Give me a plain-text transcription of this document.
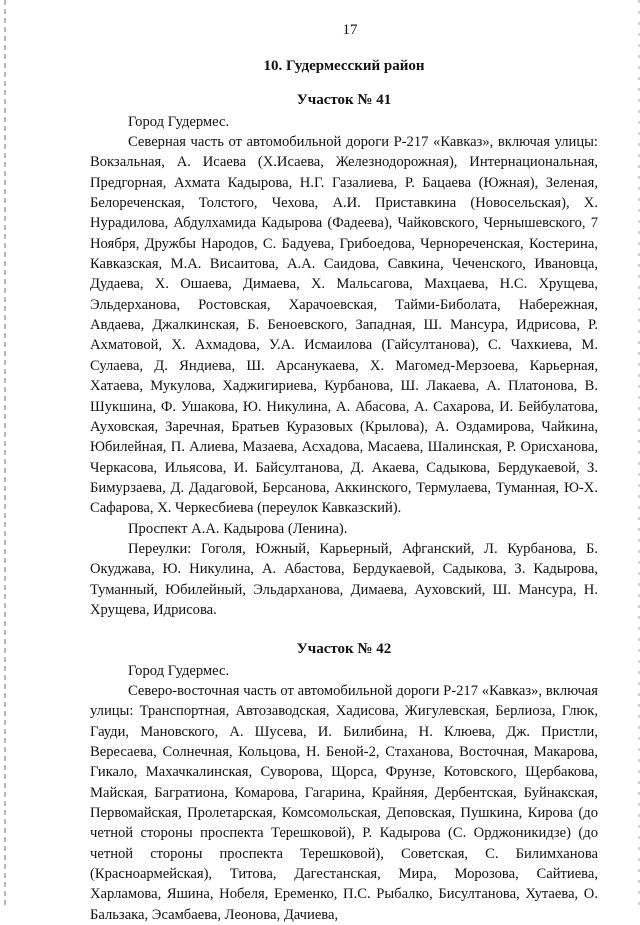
17
10. Гудермесский район
Участок № 41

Город Гудермес.

Северная часть от автомобильной дороги Р-217 «Кавказ», включая улицы: Вокзальная, А. Исаева (Х.Исаева, Железнодорожная), Интернациональная, Предгорная, Ахмата Кадырова, Н.Г. Газалиева, Р. Бацаева (Южная), Зеленая, Белореченская, Толстого, Чехова, А.И. Приставкина (Новосельская), Х. Нурадилова, Абдулхамида Кадырова (Фадеева), Чайковского, Чернышевского, 7 Ноября, Дружбы Народов, С. Бадуева, Грибоедова, Чернореченская, Костерина, Кавказская, М.А. Висаитова, А.А. Саидова, Савкина, Чеченского, Ивановца, Дудаева, Х. Ошаева, Димаева, Х. Мальсагова, Махцаева, Н.С. Хрущева, Эльдерханова, Ростовская, Харачоевская, Тайми-Биболата, Набережная, Авдаева, Джалкинская, Б. Беноевского, Западная, Ш. Мансура, Идрисова, Р. Ахматовой, Х. Ахмадова, У.А. Исмаилова (Гайсултанова), С. Чахкиева, М. Сулаева, Д. Яндиева, Ш. Арсанукаева, Х. Магомед-Мерзоева, Карьерная, Хатаева, Мукулова, Хаджигириева, Курбанова, Ш. Лакаева, А. Платонова, В. Шукшина, Ф. Ушакова, Ю. Никулина, А. Абасова, А. Сахарова, И. Бейбулатова, Ауховская, Заречная, Братьев Куразовых (Крылова), А. Оздамирова, Чайкина, Юбилейная, П. Алиева, Мазаева, Асхадова, Масаева, Шалинская, Р. Орисханова, Черкасова, Ильясова, И. Байсултанова, Д. Акаева, Садыкова, Бердукаевой, З. Бимурзаева, Д. Дадаговой, Берсанова, Аккинского, Термулаева, Туманная, Ю-Х. Сафарова, Х. Черкесбиева (переулок Кавказский).

Проспект А.А. Кадырова (Ленина).

Переулки: Гоголя, Южный, Карьерный, Афганский, Л. Курбанова, Б. Окуджава, Ю. Никулина, А. Абастова, Бердукаевой, Садыкова, З. Кадырова, Туманный, Юбилейный, Эльдарханова, Димаева, Ауховский, Ш. Мансура, Н. Хрущева, Идрисова.

Участок № 42

Город Гудермес.

Северо-восточная часть от автомобильной дороги Р-217 «Кавказ», включая улицы: Транспортная, Автозаводская, Хадисова, Жигулевская, Берлиоза, Глюк, Гауди, Мановского, А. Шусева, И. Билибина, Н. Клюева, Дж. Пристли, Вересаева, Солнечная, Кольцова, Н. Беной-2, Стаханова, Восточная, Макарова, Гикало, Махачкалинская, Суворова, Щорса, Фрунзе, Котовского, Щербакова, Майская, Багратиона, Комарова, Гагарина, Крайняя, Дербентская, Буйнакская, Первомайская, Пролетарская, Комсомольская, Деповская, Пушкина, Кирова (до четной стороны проспекта Терешковой), Р. Кадырова (С. Орджоникидзе) (до четной стороны проспекта Терешковой), Советская, С. Билимханова (Красноармейская), Титова, Дагестанская, Мира, Морозова, Сайтиева, Харламова, Яшина, Нобеля, Еременко, П.С. Рыбалко, Бисултанова, Хутаева, О. Бальзака, Эсамбаева, Леонова, Дачиева,
